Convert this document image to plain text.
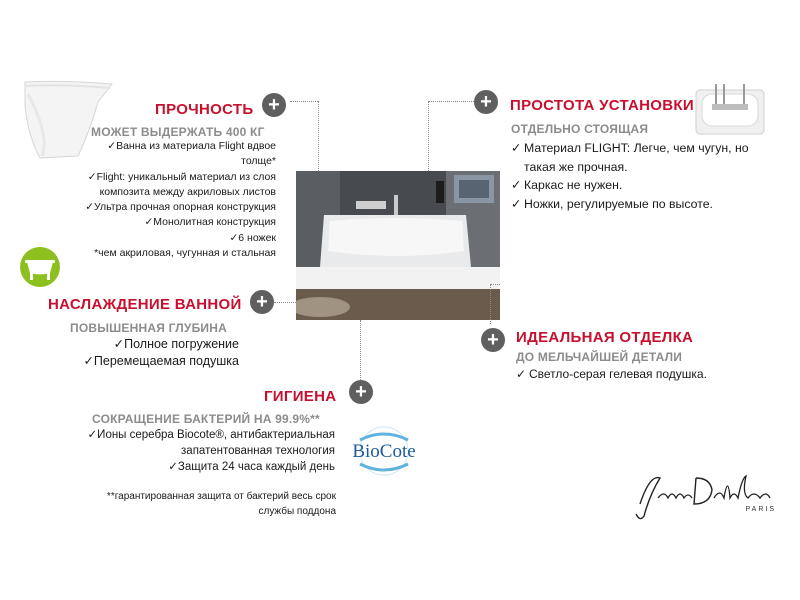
ПРОЧНОСТЬ +
МОЖЕТ ВЫДЕРЖАТЬ 400 КГ
✓Ванна из материала Flight вдвое
толще*
✓Flight: уникальный материал из слоя
композита между акриловых листов
✓Ультра прочная опорная конструкция
✓Монолитная конструкция
✓6 ножек
*чем акриловая, чугунная и стальная
НАСЛАЖДЕНИЕ ВАННОЙ +
ПОВЫШЕННАЯ ГЛУБИНА
✓Полное погружение
✓Перемещаемая подушка
ГИГИЕНА +
СОКРАЩЕНИЕ БАКТЕРИЙ НА 99.9%**
✓Ионы серебра Biocote®, антибактериальная
запатентованная технология
✓Защита 24 часа каждый день
**гарантированная защита от бактерий весь срок
службы поддона
BioCote
+	ПРОСТОТА УСТАНОВКИ
ОТДЕЛЬНО СТОЯЩАЯ
✓ Материал FLIGHT: Легче, чем чугун, но
такая же прочная.
✓ Каркас не нужен.
✓ Ножки, регулируемые по высоте.
+	ИДЕАЛЬНАЯ ОТДЕЛКА
ДО МЕЛЬЧАЙШЕЙ ДЕТАЛИ
✓ Светло-серая гелевая подушка.
PARIS
